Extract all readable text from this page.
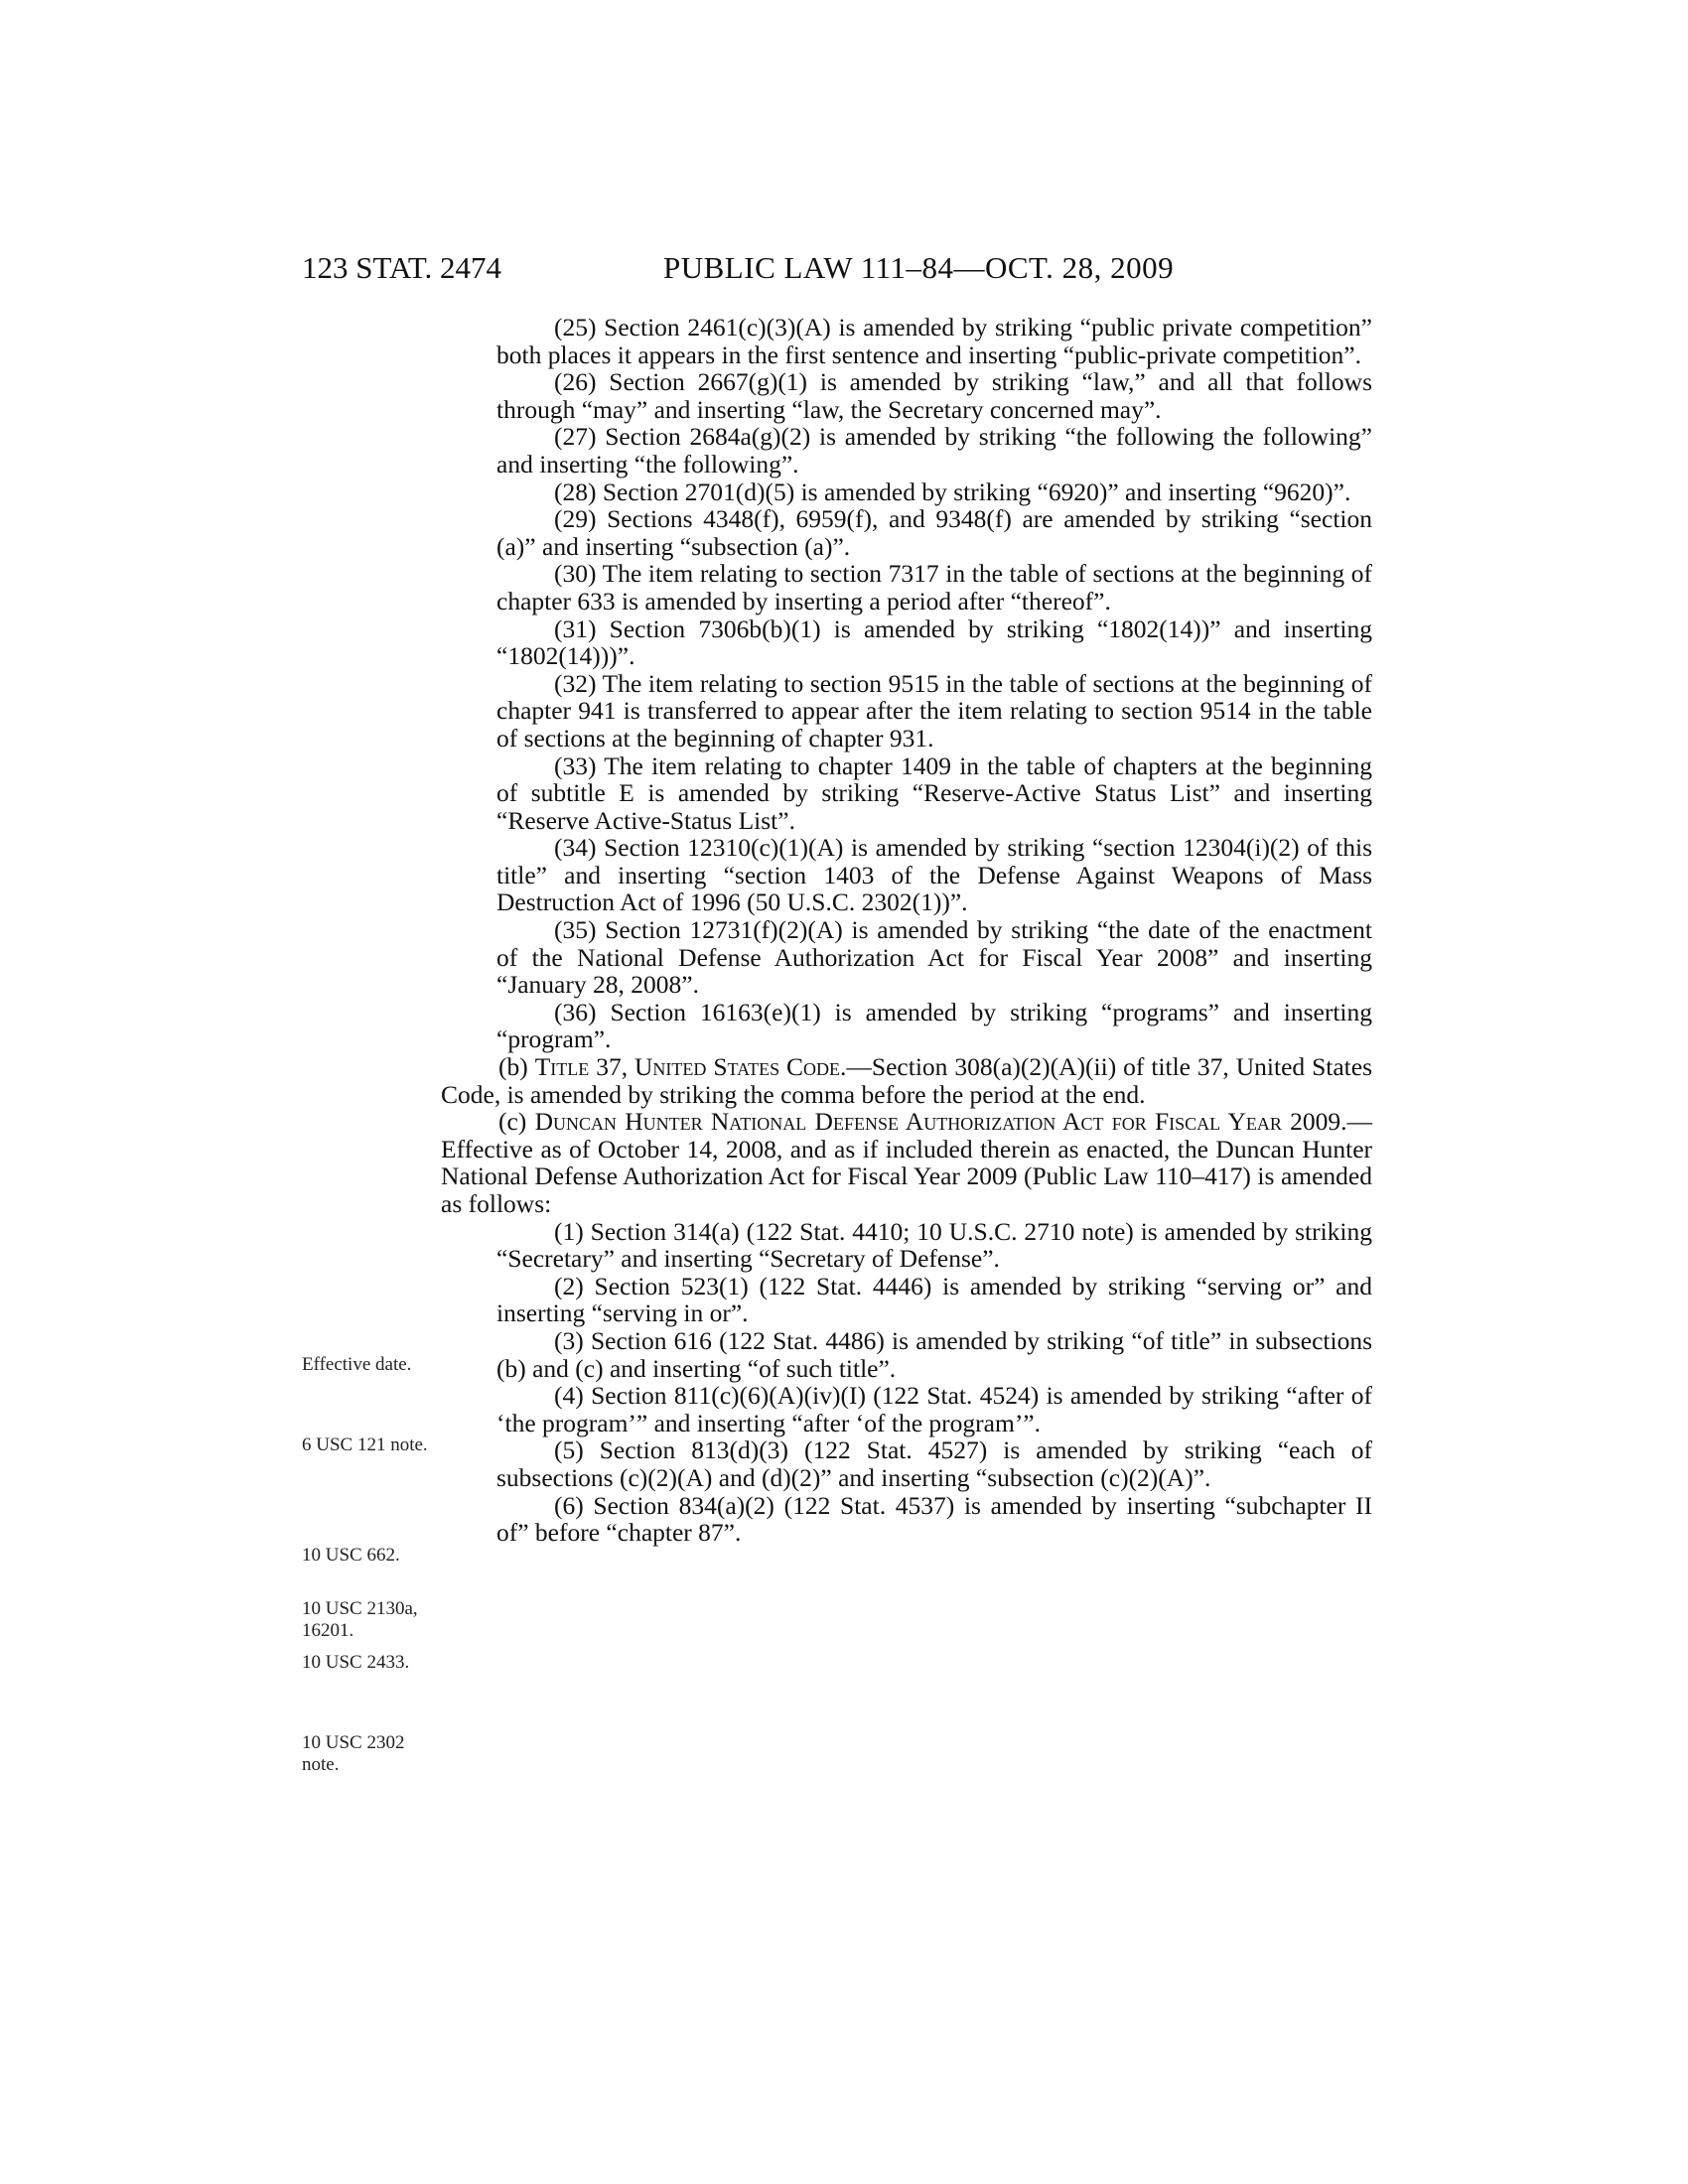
123 STAT. 2474	PUBLIC LAW 111–84—OCT. 28, 2009

(25) Section 2461(c)(3)(A) is amended by striking “public private competition” both places it appears in the first sentence and inserting “public-private competition”.

(26) Section 2667(g)(1) is amended by striking “law,” and all that follows through “may” and inserting “law, the Secretary concerned may”.

(27) Section 2684a(g)(2) is amended by striking “the following the following” and inserting “the following”.

(28) Section 2701(d)(5) is amended by striking “6920)” and inserting “9620)”.

(29) Sections 4348(f), 6959(f), and 9348(f) are amended by striking “section (a)” and inserting “subsection (a)”.

(30) The item relating to section 7317 in the table of sections at the beginning of chapter 633 is amended by inserting a period after “thereof”.

(31) Section 7306b(b)(1) is amended by striking “1802(14))” and inserting “1802(14)))”.

(32) The item relating to section 9515 in the table of sections at the beginning of chapter 941 is transferred to appear after the item relating to section 9514 in the table of sections at the beginning of chapter 931.

(33) The item relating to chapter 1409 in the table of chapters at the beginning of subtitle E is amended by striking “Reserve-Active Status List” and inserting “Reserve Active-Status List”.

(34) Section 12310(c)(1)(A) is amended by striking “section 12304(i)(2) of this title” and inserting “section 1403 of the Defense Against Weapons of Mass Destruction Act of 1996 (50 U.S.C. 2302(1))”.

(35) Section 12731(f)(2)(A) is amended by striking “the date of the enactment of the National Defense Authorization Act for Fiscal Year 2008” and inserting “January 28, 2008”.

(36) Section 16163(e)(1) is amended by striking “programs” and inserting “program”.

(b) Title 37, United States Code.—Section 308(a)(2)(A)(ii) of title 37, United States Code, is amended by striking the comma before the period at the end.

(c) Duncan Hunter National Defense Authorization Act for Fiscal Year 2009.—Effective as of October 14, 2008, and as if included therein as enacted, the Duncan Hunter National Defense Authorization Act for Fiscal Year 2009 (Public Law 110–417) is amended as follows:

(1) Section 314(a) (122 Stat. 4410; 10 U.S.C. 2710 note) is amended by striking “Secretary” and inserting “Secretary of Defense”.

(2) Section 523(1) (122 Stat. 4446) is amended by striking “serving or” and inserting “serving in or”.

(3) Section 616 (122 Stat. 4486) is amended by striking “of title” in subsections (b) and (c) and inserting “of such title”.

(4) Section 811(c)(6)(A)(iv)(I) (122 Stat. 4524) is amended by striking “after of ‘the program’” and inserting “after ‘of the program’”.

(5) Section 813(d)(3) (122 Stat. 4527) is amended by striking “each of subsections (c)(2)(A) and (d)(2)” and inserting “subsection (c)(2)(A)”.

(6) Section 834(a)(2) (122 Stat. 4537) is amended by inserting “subchapter II of” before “chapter 87”.

Effective date.
6 USC 121 note.
10 USC 662.
10 USC 2130a, 16201.
10 USC 2433.
10 USC 2302 note.
